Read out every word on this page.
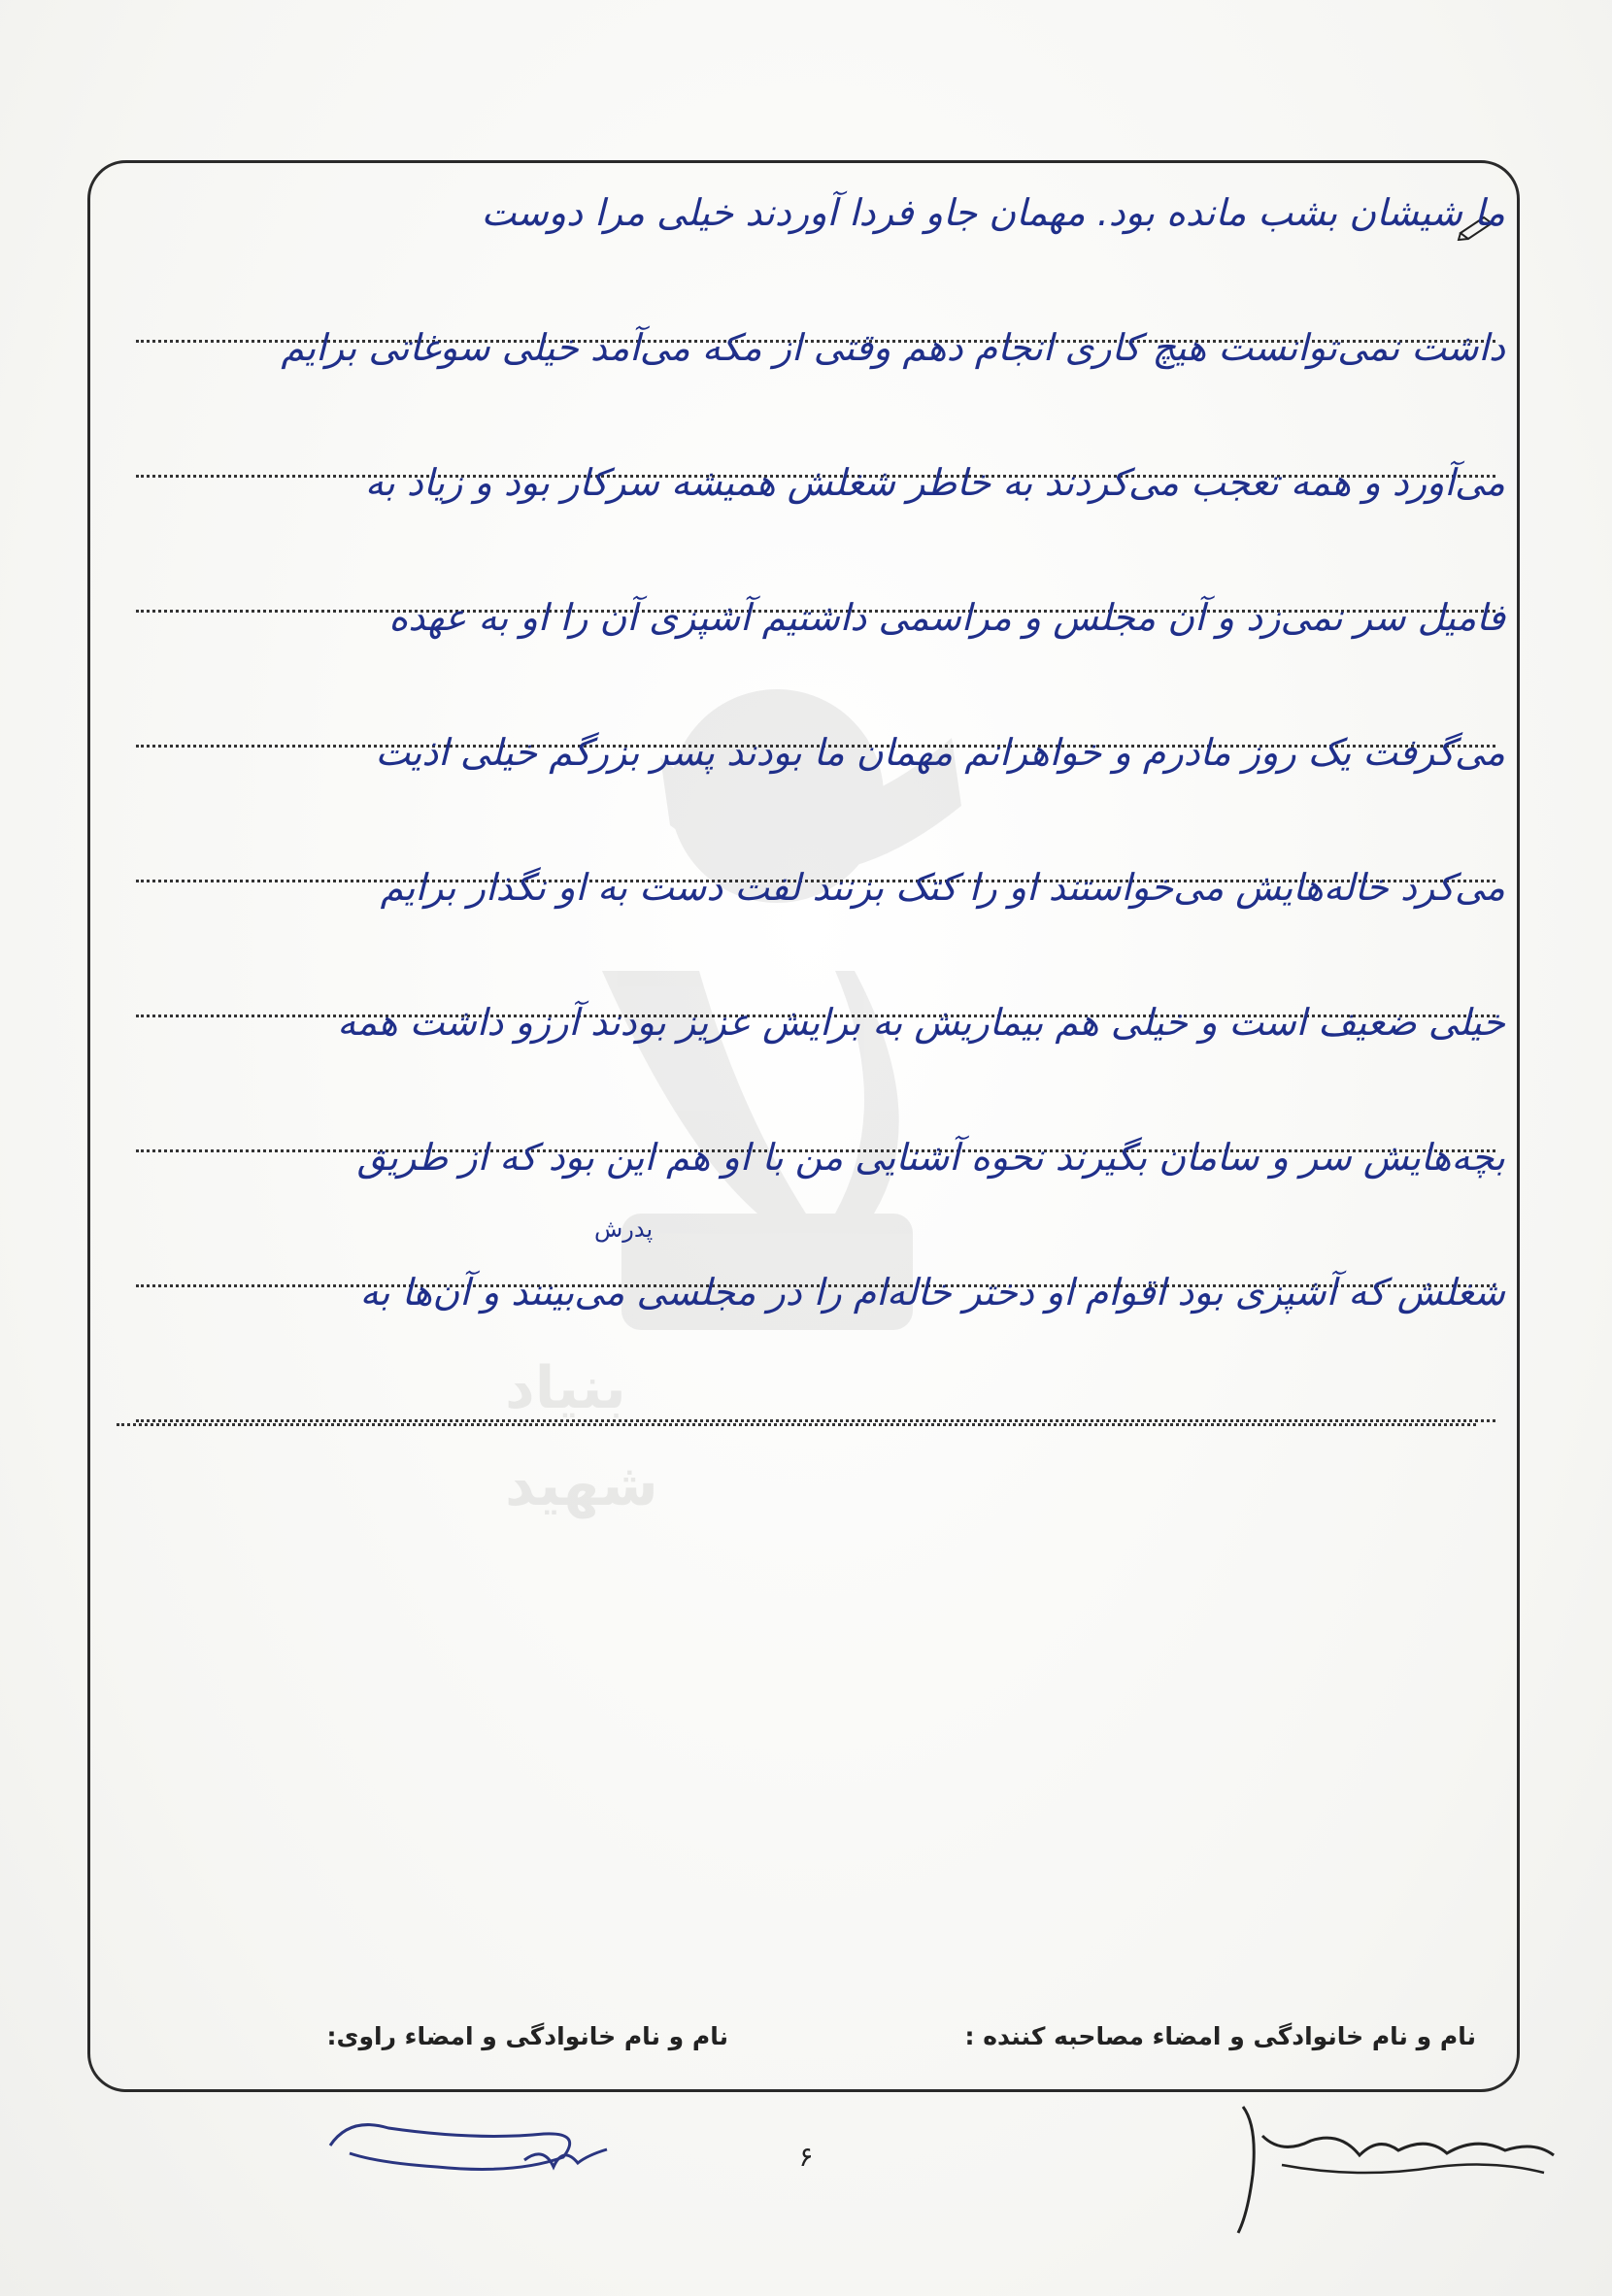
ما شیشان بشب مانده بود. مهمان جاو فردا آوردند خیلی مرا دوست
داشت نمی‌توانست هیچ کاری انجام دهم وقتی از مکه می‌آمد خیلی سوغاتی برایم
می‌آورد و همه تعجب می‌کردند به خاطر شغلش همیشه سرکار بود و زیاد به
فامیل سر نمی‌زد و آن مجلس و مراسمی داشتیم آشپزی آن را او به عهده
می‌گرفت یک روز مادرم و خواهرانم مهمان ما بودند پسر بزرگم خیلی اذیت
می‌کرد خاله‌هایش می‌خواستند او را کتک بزنند لفت دست به او نگذار برایم
خیلی ضعیف است و خیلی هم بیماریش به برایش عزیز بودند آرزو داشت همه
بچه‌هایش سر و سامان بگیرند نحوه آشنایی من با او هم این بود که از طریق
شغلش که آشپزی بود اقوام او دختر خاله‌ام را در مجلسی می‌بینند و آن‌ها به
پدرش
نام و نام خانوادگی و امضاء مصاحبه کننده :
نام و نام خانوادگی و امضاء راوی:
۶
